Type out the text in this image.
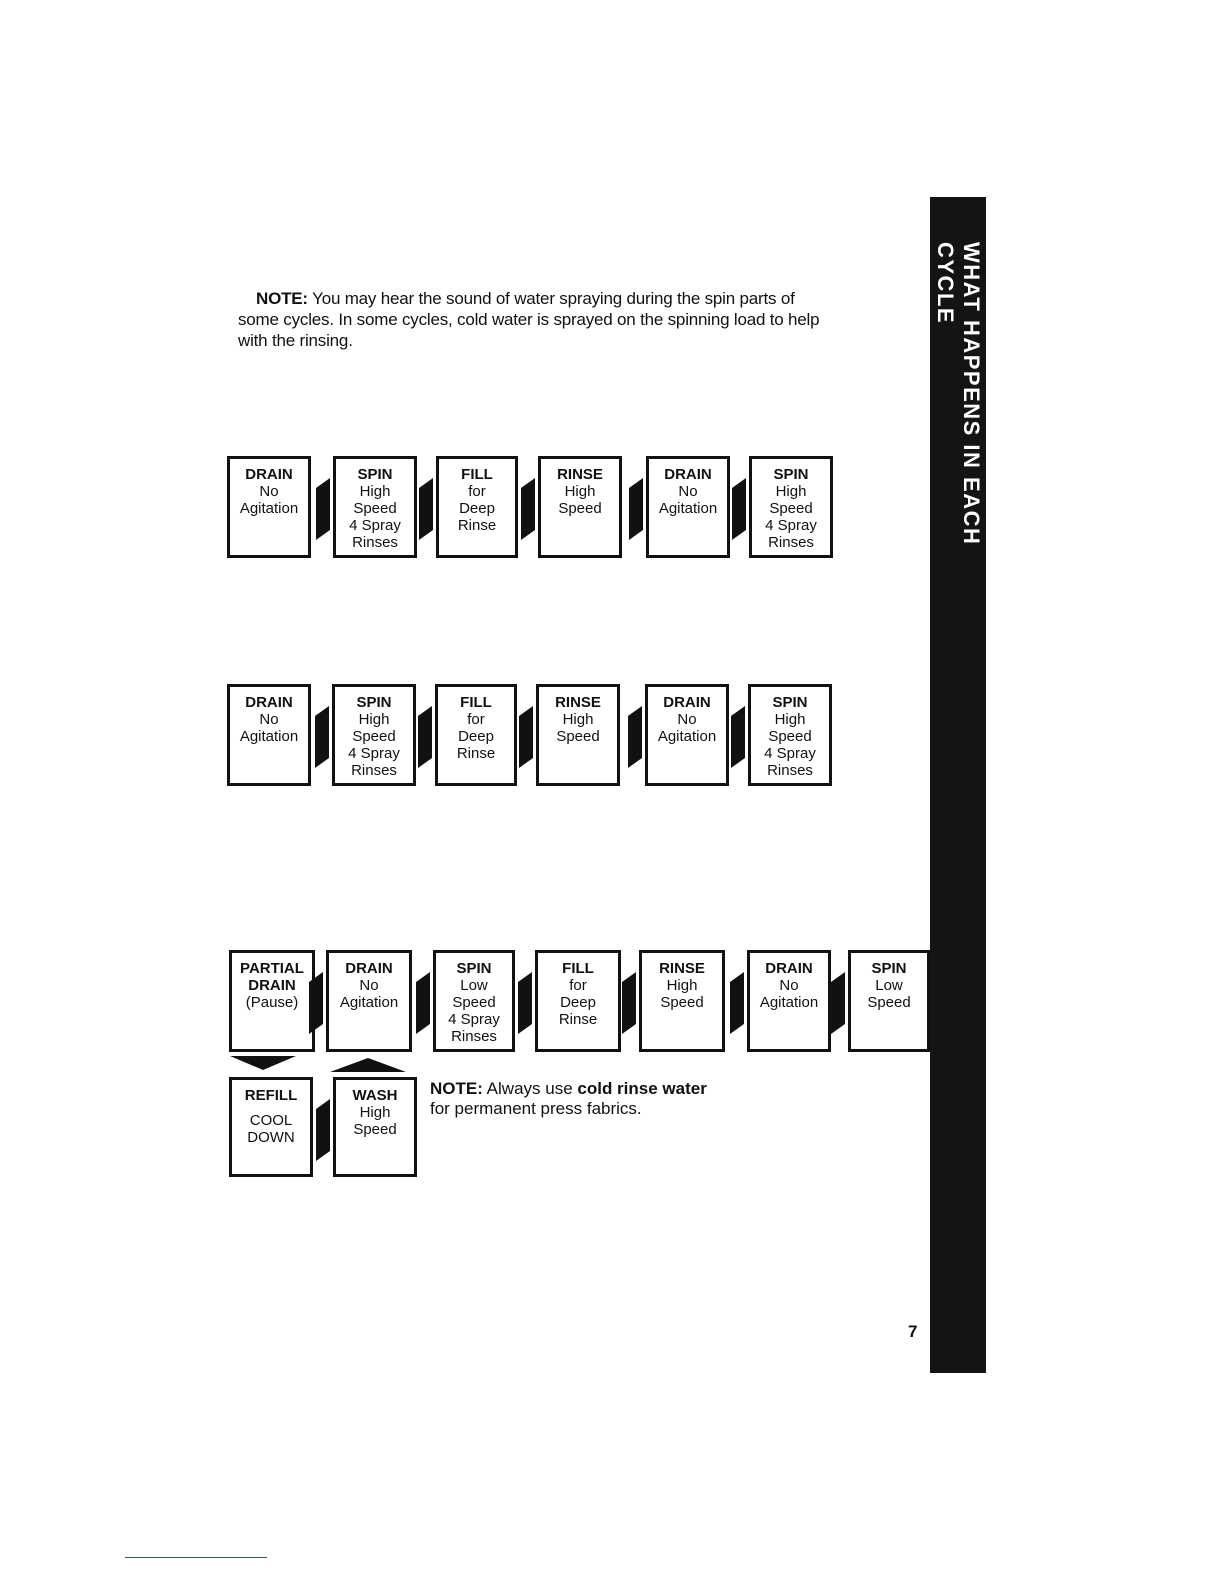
NOTE: You may hear the sound of water spraying during the spin parts of
some cycles. In some cycles, cold water is sprayed on the spinning load to help
with the rinsing.	WHAT HAPPENS IN EACH CYCLE
DRAIN
No
Agitation
SPIN
High
Speed
4 Spray
Rinses
FILL
for
Deep
Rinse
RINSE
High
Speed
DRAIN
No
Agitation
SPIN
High
Speed
4 Spray
Rinses
DRAIN
No
Agitation
SPIN
High
Speed
4 Spray
Rinses
FILL
for
Deep
Rinse
RINSE
High
Speed
DRAIN
No
Agitation
SPIN
High
Speed
4 Spray
Rinses
PARTIAL
DRAIN
(Pause)
DRAIN
No
Agitation
SPIN
Low
Speed
4 Spray
Rinses
FILL
for
Deep
Rinse
RINSE
High
Speed
DRAIN
No
Agitation
SPIN
Low
Speed
REFILL

COOL
DOWN
WASH
High
Speed
NOTE: Always use cold rinse water
for permanent press fabrics.
7
